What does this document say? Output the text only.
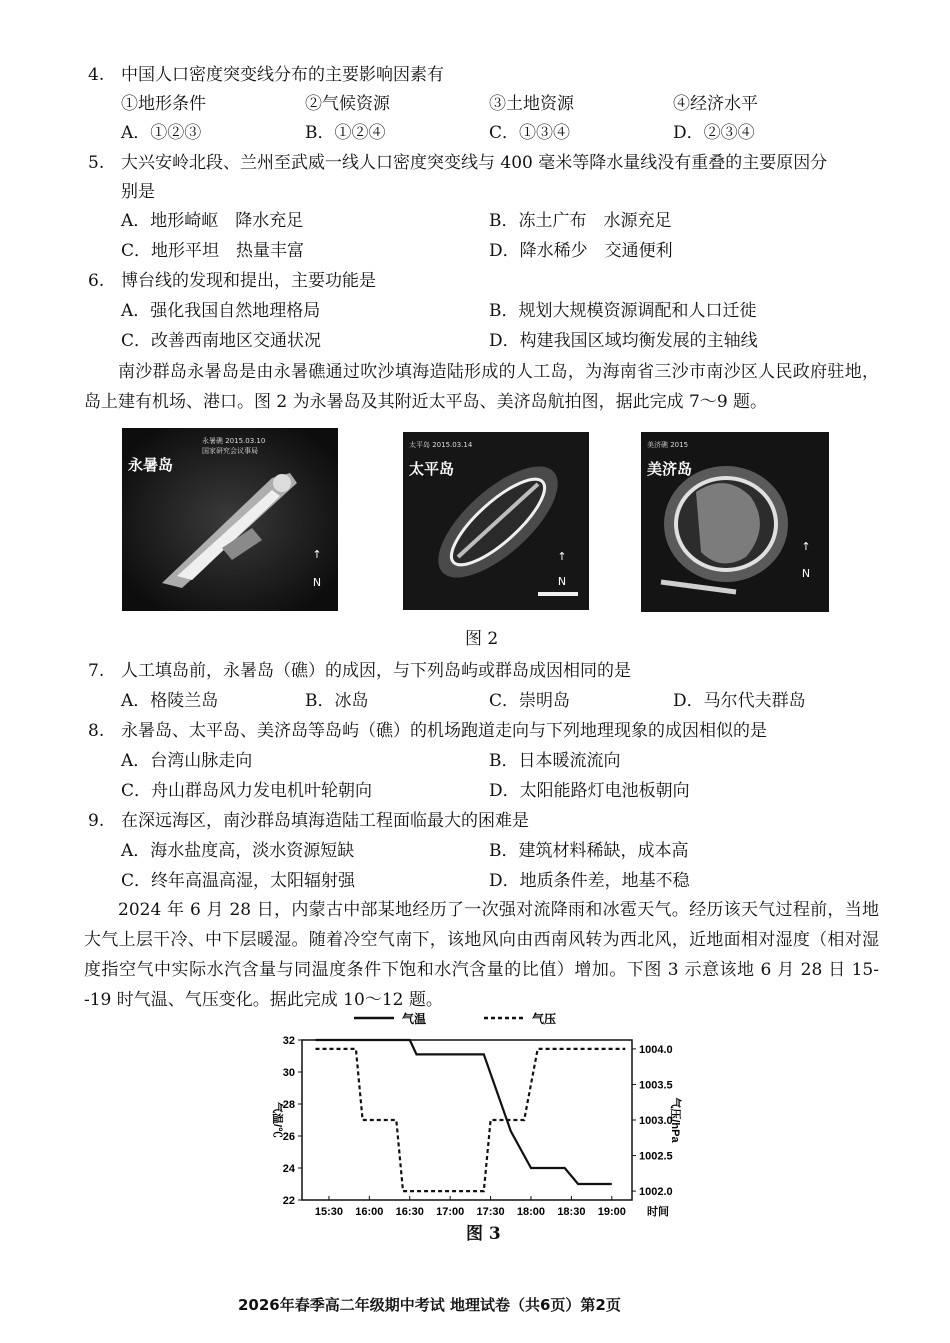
4. 中国人口密度突变线分布的主要影响因素有
①地形条件	②气候资源	③土地资源	④经济水平
A．①②③	B．①②④	C．①③④	D．②③④
5. 大兴安岭北段、兰州至武威一线人口密度突变线与 400 毫米等降水量线没有重叠的主要原因分
别是
A．地形崎岖　降水充足	B．冻土广布　水源充足
C．地形平坦　热量丰富	D．降水稀少　交通便利
6. 博台线的发现和提出，主要功能是
A．强化我国自然地理格局	B．规划大规模资源调配和人口迁徙
C．改善西南地区交通状况	D．构建我国区域均衡发展的主轴线
南沙群岛永暑岛是由永暑礁通过吹沙填海造陆形成的人工岛，为海南省三沙市南沙区人民政府驻地，岛上建有机场、港口。图 2 为永暑岛及其附近太平岛、美济岛航拍图，据此完成 7～9 题。
永暑礁 2015.03.10
国家研究会议事局
永暑岛
↑
N
太平岛 2015.03.14
太平岛
↑
N
美济礁 2015
美济岛
↑
N
图 2
7. 人工填岛前，永暑岛（礁）的成因，与下列岛屿或群岛成因相同的是
A．格陵兰岛	B．冰岛	C．崇明岛	D．马尔代夫群岛
8. 永暑岛、太平岛、美济岛等岛屿（礁）的机场跑道走向与下列地理现象的成因相似的是
A．台湾山脉走向	B．日本暖流流向
C．舟山群岛风力发电机叶轮朝向	D．太阳能路灯电池板朝向
9. 在深远海区，南沙群岛填海造陆工程面临最大的困难是
A．海水盐度高，淡水资源短缺	B．建筑材料稀缺，成本高
C．终年高温高湿，太阳辐射强	D．地质条件差，地基不稳
2024 年 6 月 28 日，内蒙古中部某地经历了一次强对流降雨和冰雹天气。经历该天气过程前，当地大气上层干冷、中下层暖湿。随着冷空气南下，该地风向由西南风转为西北风，近地面相对湿度（相对湿度指空气中实际水汽含量与同温度条件下饱和水汽含量的比值）增加。下图 3 示意该地 6 月 28 日 15--19 时气温、气压变化。据此完成 10～12 题。
气温	气压
22
24
26
28
30
32
1002.0
1002.5
1003.0
1003.5
1004.0
15:30 16:00 16:30 17:00 17:30 18:00 18:30 19:00
气温/℃	气压/hPa
时间
图 3
2026年春季高二年级期中考试 地理试卷（共6页）第2页
